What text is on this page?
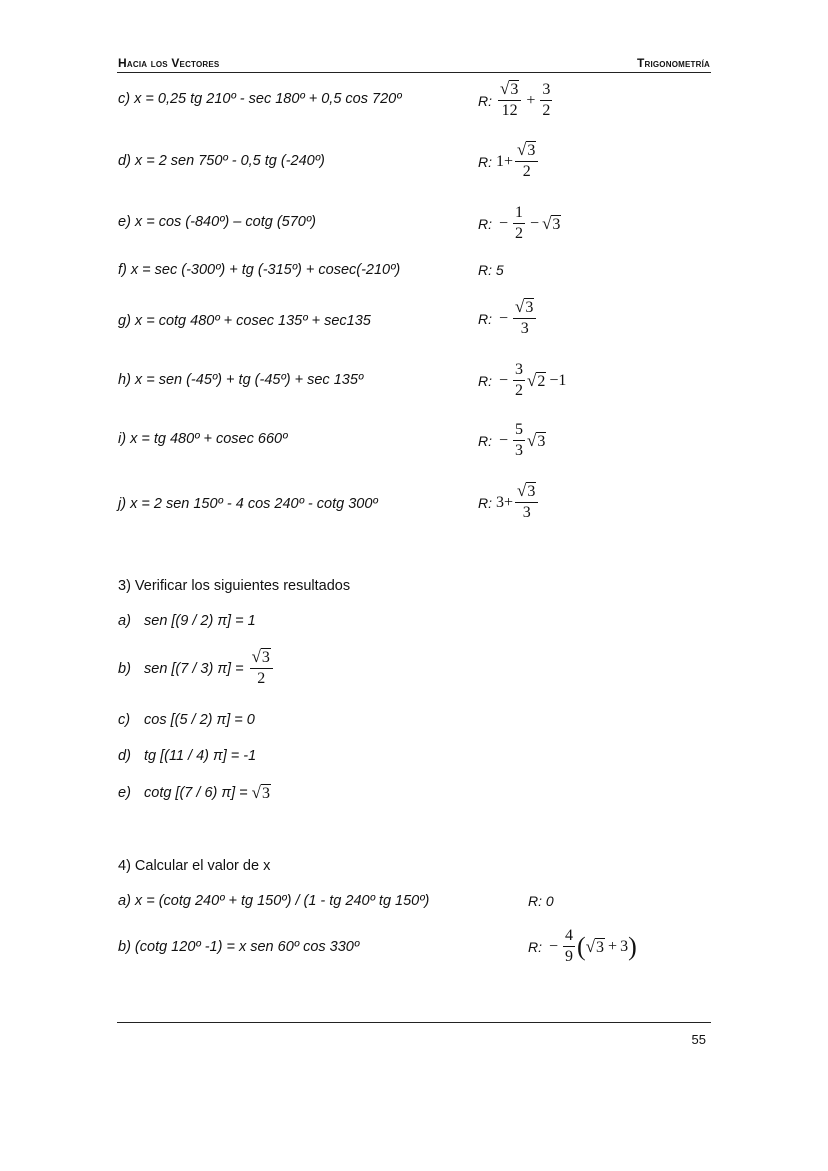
Hacia los Vectores	Trigonometría
c) x = 0,25 tg 210º - sec 180º + 0,5 cos 720º	R: $\frac{√ 3}{12} + \frac{3}{2}$
d) x = 2 sen 750º - 0,5 tg (-240º)	R: $1+ \frac{√ 3}{2}$
e) x = cos (-840º) – cotg (570º)	R: − $\frac{1}{2}$ − √ 3
f) x = sec (-300º) + tg (-315º) + cosec(-210º)	R: 5
g) x = cotg 480º + cosec 135º + sec135	R: − $\frac{√ 3}{3}$
h) x = sen (-45º) + tg (-45º) + sec 135º	R: − $\frac{3}{2}$ √ 2 −1
i) x = tg 480º + cosec 660º	R: − $\frac{5}{3}$ √ 3
j) x = 2 sen 150º - 4 cos 240º - cotg 300º	R: $3+ \frac{√ 3}{3}$
3) Verificar los siguientes resultados
a) sen [(9 / 2) π] = 1
b) sen [(7 / 3) $\pi] = \frac{√ 3}{2}$
c) cos [(5 / 2) π] = 0
d) tg [(11 / 4) π] = -1
e) cotg [(7 / 6) π] = √ 3
4) Calcular el valor de x
a) x = (cotg 240º + tg 150º) / (1 - tg 240º tg 150º)	R: 0
b) (cotg 120º -1) = x sen 60º cos 330º	R: − $\frac{4}{9}$ ( √ 3 + 3 )
55
